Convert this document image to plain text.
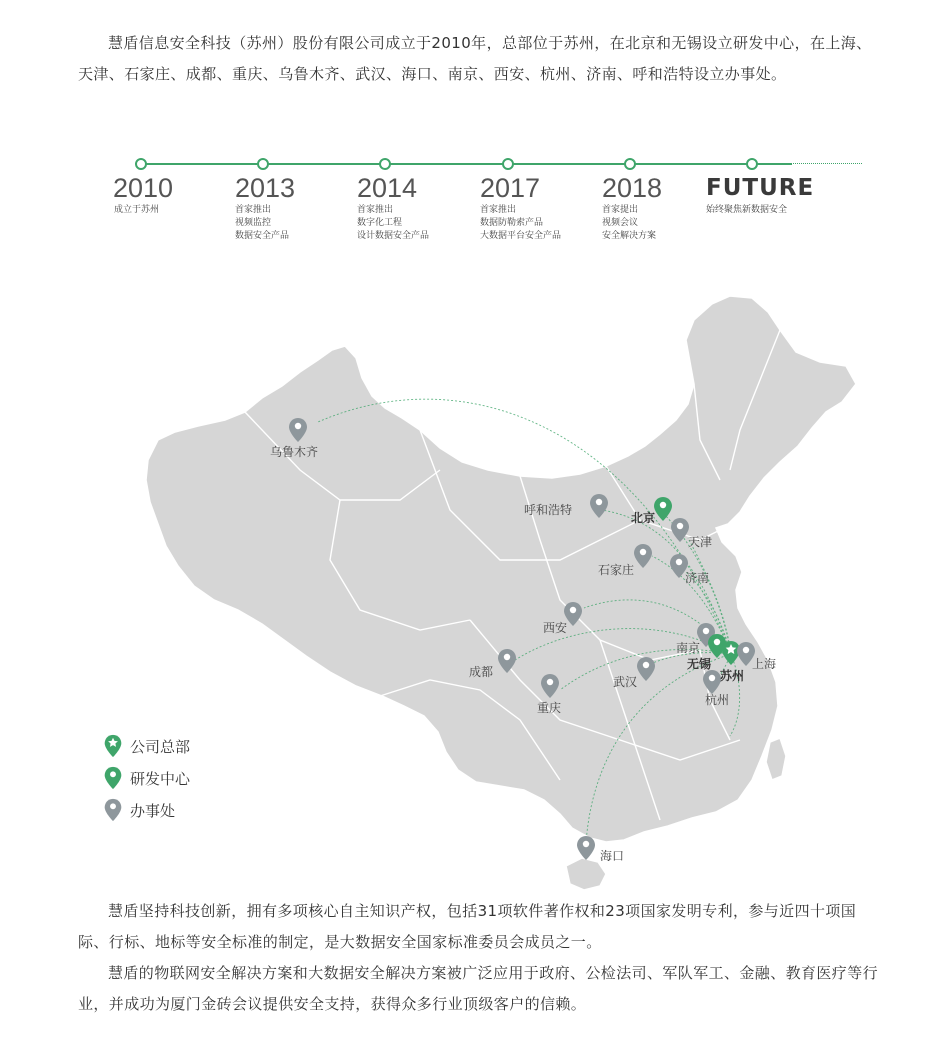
慧盾信息安全科技（苏州）股份有限公司成立于2010年，总部位于苏州，在北京和无锡设立研发中心，在上海、天津、石家庄、成都、重庆、乌鲁木齐、武汉、海口、南京、西安、杭州、济南、呼和浩特设立办事处。

2010
成立于苏州
2013
首家推出
视频监控
数据安全产品
2014
首家推出
数字化工程
设计数据安全产品
2017
首家推出
数据防勒索产品
大数据平台安全产品
2018
首家提出
视频会议
安全解决方案
FUTURE
始终聚焦新数据安全
乌鲁木齐
呼和浩特
北京
天津
石家庄
济南
西安
南京
无锡
苏州
上海
成都
武汉
杭州
重庆
海口
公司总部
研发中心
办事处

慧盾坚持科技创新，拥有多项核心自主知识产权，包括31项软件著作权和23项国家发明专利，参与近四十项国际、行标、地标等安全标准的制定，是大数据安全国家标准委员会成员之一。

慧盾的物联网安全解决方案和大数据安全解决方案被广泛应用于政府、公检法司、军队军工、金融、教育医疗等行业，并成功为厦门金砖会议提供安全支持，获得众多行业顶级客户的信赖。
